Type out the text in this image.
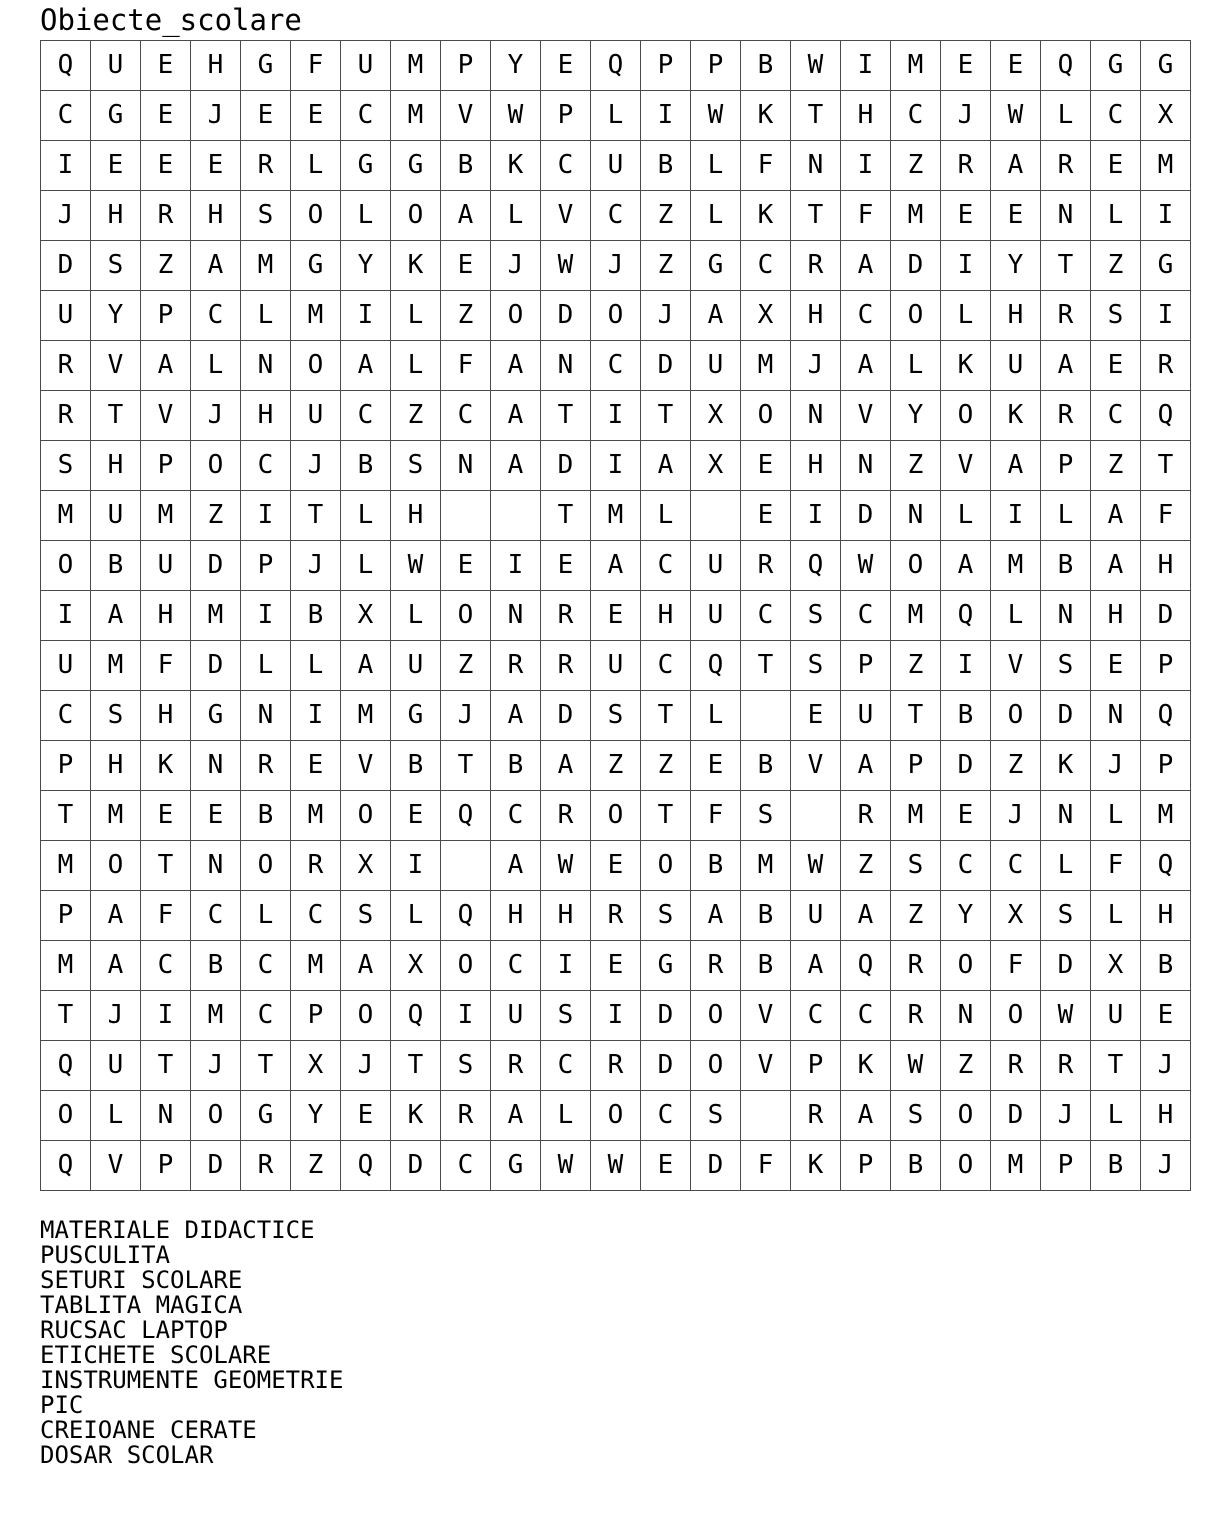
Obiecte_scolare
Q	U	E	H	G	F	U	M	P	Y	E	Q	P	P	B	W	I	M	E	E	Q	G	G
C	G	E	J	E	E	C	M	V	W	P	L	I	W	K	T	H	C	J	W	L	C	X
I	E	E	E	R	L	G	G	B	K	C	U	B	L	F	N	I	Z	R	A	R	E	M
J	H	R	H	S	O	L	O	A	L	V	C	Z	L	K	T	F	M	E	E	N	L	I
D	S	Z	A	M	G	Y	K	E	J	W	J	Z	G	C	R	A	D	I	Y	T	Z	G
U	Y	P	C	L	M	I	L	Z	O	D	O	J	A	X	H	C	O	L	H	R	S	I
R	V	A	L	N	O	A	L	F	A	N	C	D	U	M	J	A	L	K	U	A	E	R
R	T	V	J	H	U	C	Z	C	A	T	I	T	X	O	N	V	Y	O	K	R	C	Q
S	H	P	O	C	J	B	S	N	A	D	I	A	X	E	H	N	Z	V	A	P	Z	T
M	U	M	Z	I	T	L	H			T	M	L		E	I	D	N	L	I	L	A	F
O	B	U	D	P	J	L	W	E	I	E	A	C	U	R	Q	W	O	A	M	B	A	H
I	A	H	M	I	B	X	L	O	N	R	E	H	U	C	S	C	M	Q	L	N	H	D
U	M	F	D	L	L	A	U	Z	R	R	U	C	Q	T	S	P	Z	I	V	S	E	P
C	S	H	G	N	I	M	G	J	A	D	S	T	L		E	U	T	B	O	D	N	Q
P	H	K	N	R	E	V	B	T	B	A	Z	Z	E	B	V	A	P	D	Z	K	J	P
T	M	E	E	B	M	O	E	Q	C	R	O	T	F	S		R	M	E	J	N	L	M
M	O	T	N	O	R	X	I		A	W	E	O	B	M	W	Z	S	C	C	L	F	Q
P	A	F	C	L	C	S	L	Q	H	H	R	S	A	B	U	A	Z	Y	X	S	L	H
M	A	C	B	C	M	A	X	O	C	I	E	G	R	B	A	Q	R	O	F	D	X	B
T	J	I	M	C	P	O	Q	I	U	S	I	D	O	V	C	C	R	N	O	W	U	E
Q	U	T	J	T	X	J	T	S	R	C	R	D	O	V	P	K	W	Z	R	R	T	J
O	L	N	O	G	Y	E	K	R	A	L	O	C	S		R	A	S	O	D	J	L	H
Q	V	P	D	R	Z	Q	D	C	G	W	W	E	D	F	K	P	B	O	M	P	B	J
MATERIALE DIDACTICE
PUSCULITA
SETURI SCOLARE
TABLITA MAGICA
RUCSAC LAPTOP
ETICHETE SCOLARE
INSTRUMENTE GEOMETRIE
PIC
CREIOANE CERATE
DOSAR SCOLAR
